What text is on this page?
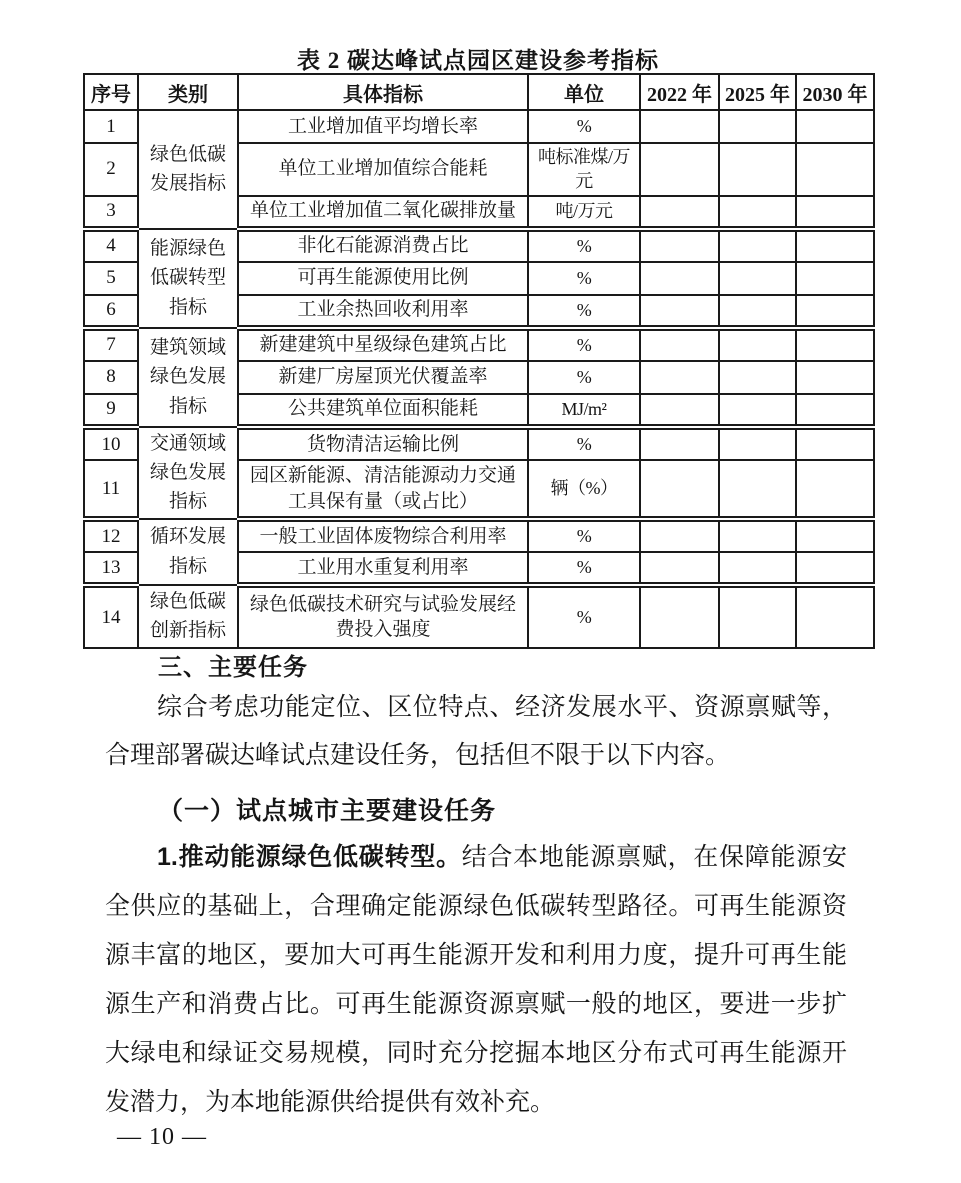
表 2 碳达峰试点园区建设参考指标
序号	类别	具体指标	单位	2022 年	2025 年	2030 年
1	绿色低碳发展指标	工业增加值平均增长率	%			
2		单位工业增加值综合能耗	吨标准煤/万元			
3		单位工业增加值二氧化碳排放量	吨/万元			
4	能源绿色低碳转型指标	非化石能源消费占比	%			
5		可再生能源使用比例	%			
6		工业余热回收利用率	%			
7	建筑领域绿色发展指标	新建建筑中星级绿色建筑占比	%			
8		新建厂房屋顶光伏覆盖率	%			
9		公共建筑单位面积能耗	MJ/m²			
10	交通领域绿色发展指标	货物清洁运输比例	%			
11		园区新能源、清洁能源动力交通工具保有量（或占比）	辆（%）			
12	循环发展指标	一般工业固体废物综合利用率	%			
13		工业用水重复利用率	%			
14	绿色低碳创新指标	绿色低碳技术研究与试验发展经费投入强度	%			
三、主要任务
综合考虑功能定位、区位特点、经济发展水平、资源禀赋等，
合理部署碳达峰试点建设任务，包括但不限于以下内容。
（一）试点城市主要建设任务
1.推动能源绿色低碳转型。结合本地能源禀赋，在保障能源安
全供应的基础上，合理确定能源绿色低碳转型路径。可再生能源资
源丰富的地区，要加大可再生能源开发和利用力度，提升可再生能
源生产和消费占比。可再生能源资源禀赋一般的地区，要进一步扩
大绿电和绿证交易规模，同时充分挖掘本地区分布式可再生能源开
发潜力，为本地能源供给提供有效补充。
— 10 —
